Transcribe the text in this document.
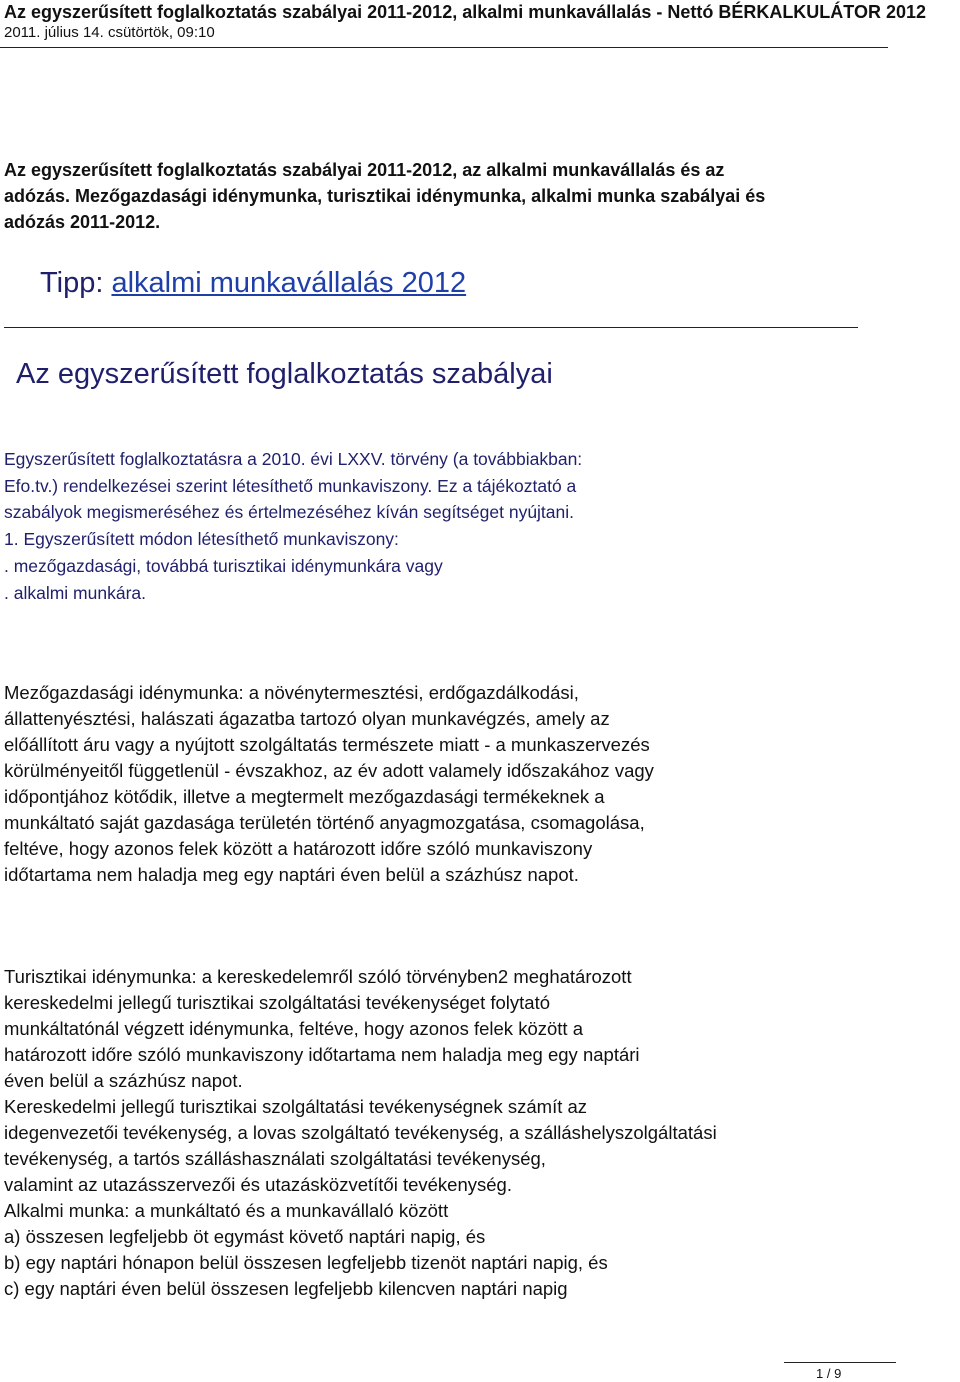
Az egyszerűsített foglalkoztatás szabályai 2011-2012, alkalmi munkavállalás - Nettó BÉRKALKULÁTOR 2012
2011. július 14. csütörtök, 09:10
Az egyszerűsített foglalkoztatás szabályai 2011-2012, az alkalmi munkavállalás és az
adózás. Mezőgazdasági idénymunka, turisztikai idénymunka, alkalmi munka szabályai és
adózás 2011-2012.
Tipp: alkalmi munkavállalás 2012
Az egyszerűsített foglalkoztatás szabályai

Egyszerűsített foglalkoztatásra a 2010. évi LXXV. törvény (a továbbiakban:

Efo.tv.) rendelkezései szerint létesíthető munkaviszony. Ez a tájékoztató a

szabályok megismeréséhez és értelmezéséhez kíván segítséget nyújtani.

1. Egyszerűsített módon létesíthető munkaviszony:

. mezőgazdasági, továbbá turisztikai idénymunkára vagy

. alkalmi munkára.

Mezőgazdasági idénymunka: a növénytermesztési, erdőgazdálkodási,

állattenyésztési, halászati ágazatba tartozó olyan munkavégzés, amely az

előállított áru vagy a nyújtott szolgáltatás természete miatt - a munkaszervezés

körülményeitől függetlenül - évszakhoz, az év adott valamely időszakához vagy

időpontjához kötődik, illetve a megtermelt mezőgazdasági termékeknek a

munkáltató saját gazdasága területén történő anyagmozgatása, csomagolása,

feltéve, hogy azonos felek között a határozott időre szóló munkaviszony

időtartama nem haladja meg egy naptári éven belül a százhúsz napot.

Turisztikai idénymunka: a kereskedelemről szóló törvényben2 meghatározott

kereskedelmi jellegű turisztikai szolgáltatási tevékenységet folytató

munkáltatónál végzett idénymunka, feltéve, hogy azonos felek között a

határozott időre szóló munkaviszony időtartama nem haladja meg egy naptári

éven belül a százhúsz napot.

Kereskedelmi jellegű turisztikai szolgáltatási tevékenységnek számít az

idegenvezetői tevékenység, a lovas szolgáltató tevékenység, a szálláshelyszolgáltatási

tevékenység, a tartós szálláshasználati szolgáltatási tevékenység,

valamint az utazásszervezői és utazásközvetítői tevékenység.

Alkalmi munka: a munkáltató és a munkavállaló között

a) összesen legfeljebb öt egymást követő naptári napig, és

b) egy naptári hónapon belül összesen legfeljebb tizenöt naptári napig, és

c) egy naptári éven belül összesen legfeljebb kilencven naptári napig

1 / 9
